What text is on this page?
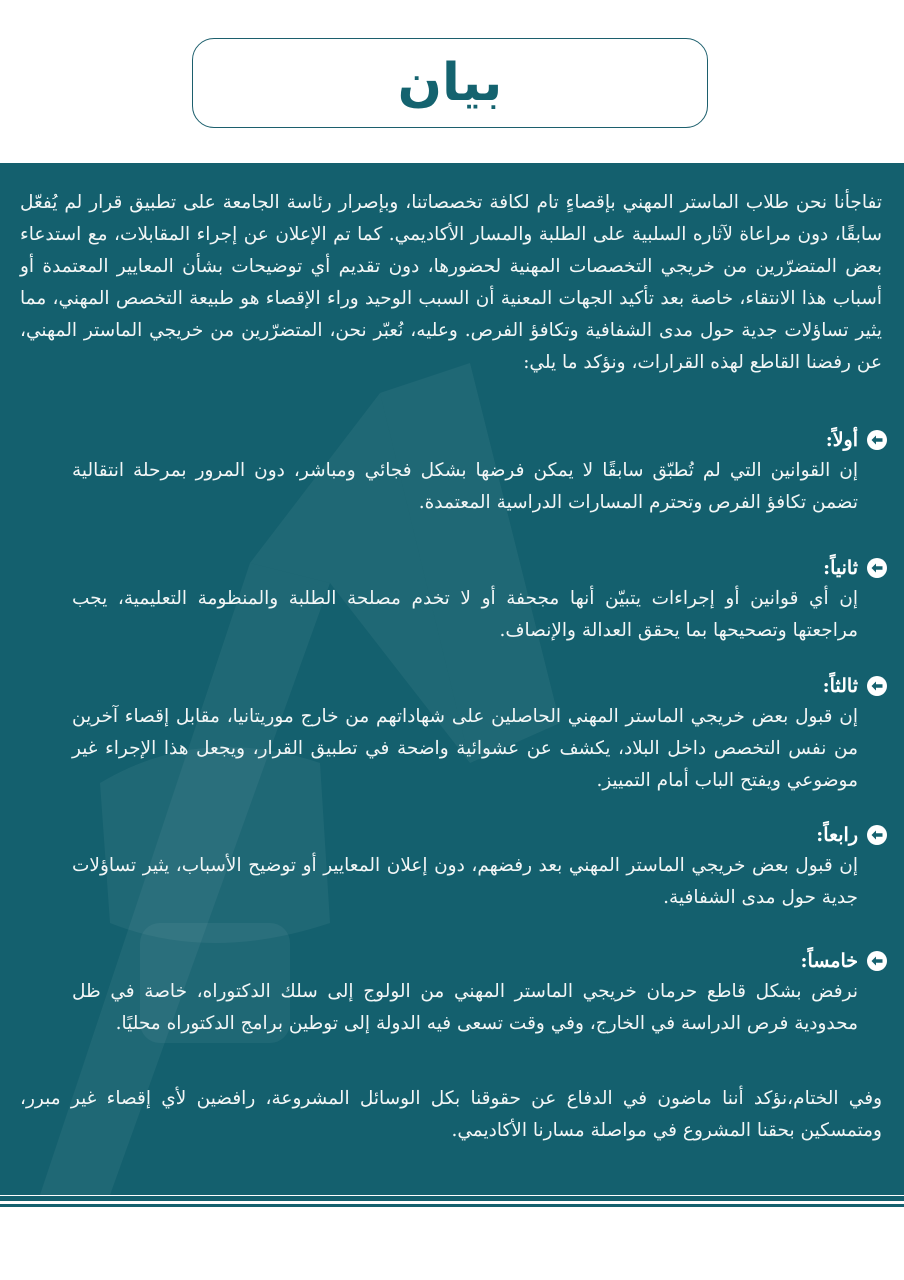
بيان

تفاجأنا نحن طلاب الماستر المهني بإقصاءٍ تام لكافة تخصصاتنا، وبإصرار رئاسة الجامعة على تطبيق قرار لم يُفعّل سابقًا، دون مراعاة لآثاره السلبية على الطلبة والمسار الأكاديمي. كما تم الإعلان عن إجراء المقابلات، مع استدعاء بعض المتضرّرين من خريجي التخصصات المهنية لحضورها، دون تقديم أي توضيحات بشأن المعايير المعتمدة أو أسباب هذا الانتقاء، خاصة بعد تأكيد الجهات المعنية أن السبب الوحيد وراء الإقصاء هو طبيعة التخصص المهني، مما يثير تساؤلات جدية حول مدى الشفافية وتكافؤ الفرص. وعليه، نُعبّر نحن، المتضرّرين من خريجي الماستر المهني، عن رفضنا القاطع لهذه القرارات، ونؤكد ما يلي:

أولاً:

إن القوانين التي لم تُطبّق سابقًا لا يمكن فرضها بشكل فجائي ومباشر، دون المرور بمرحلة انتقالية تضمن تكافؤ الفرص وتحترم المسارات الدراسية المعتمدة.

ثانياً:

إن أي قوانين أو إجراءات يتبيّن أنها مجحفة أو لا تخدم مصلحة الطلبة والمنظومة التعليمية، يجب مراجعتها وتصحيحها بما يحقق العدالة والإنصاف.

ثالثاً:

إن قبول بعض خريجي الماستر المهني الحاصلين على شهاداتهم من خارج موريتانيا، مقابل إقصاء آخرين من نفس التخصص داخل البلاد، يكشف عن عشوائية واضحة في تطبيق القرار، ويجعل هذا الإجراء غير موضوعي ويفتح الباب أمام التمييز.

رابعاً:

إن قبول بعض خريجي الماستر المهني بعد رفضهم، دون إعلان المعايير أو توضيح الأسباب، يثير تساؤلات جدية حول مدى الشفافية.

خامساً:

نرفض بشكل قاطع حرمان خريجي الماستر المهني من الولوج إلى سلك الدكتوراه، خاصة في ظل محدودية فرص الدراسة في الخارج، وفي وقت تسعى فيه الدولة إلى توطين برامج الدكتوراه محليًا.

وفي الختام،نؤكد أننا ماضون في الدفاع عن حقوقنا بكل الوسائل المشروعة، رافضين لأي إقصاء غير مبرر، ومتمسكين بحقنا المشروع في مواصلة مسارنا الأكاديمي.
